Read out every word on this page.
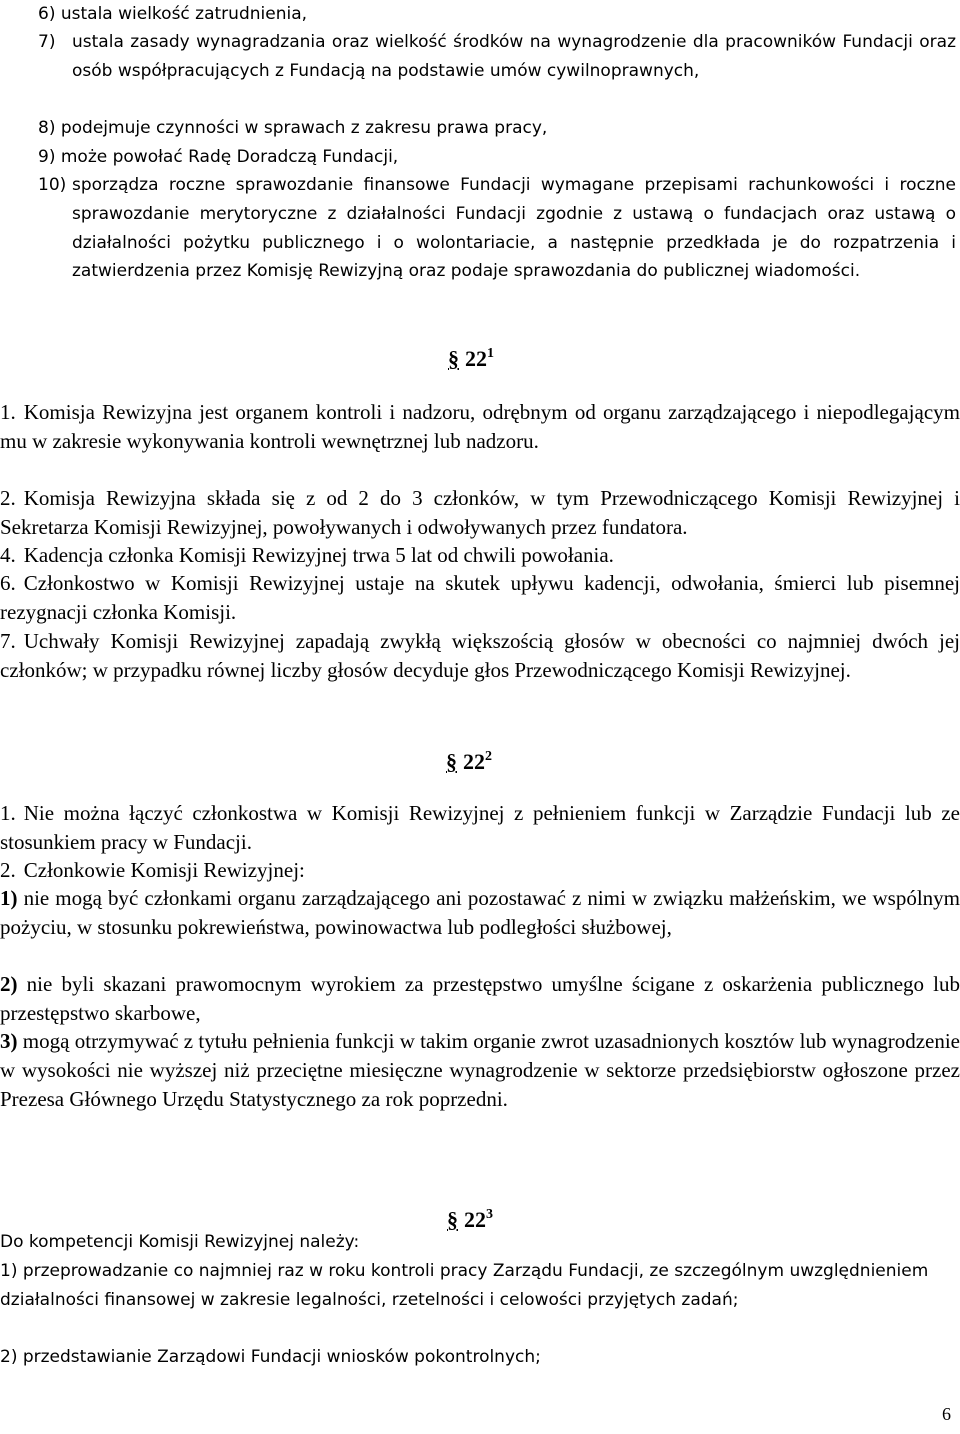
6) ustala wielkość zatrudnienia,

7) ustala zasady wynagradzania oraz wielkość środków na wynagrodzenie dla pracowników Fundacji oraz osób współpracujących z Fundacją na podstawie umów cywilnoprawnych,

8) podejmuje czynności w sprawach z zakresu prawa pracy,

9) może powołać Radę Doradczą Fundacji,

10) sporządza roczne sprawozdanie finansowe Fundacji wymagane przepisami rachunkowości i roczne sprawozdanie merytoryczne z działalności Fundacji zgodnie z ustawą o fundacjach oraz ustawą o działalności pożytku publicznego i o wolontariacie, a następnie przedkłada je do rozpatrzenia i zatwierdzenia przez Komisję Rewizyjną oraz podaje sprawozdania do publicznej wiadomości.

§ $22^1$

1. Komisja Rewizyjna jest organem kontroli i nadzoru, odrębnym od organu zarządzającego i niepodlegającym mu w zakresie wykonywania kontroli wewnętrznej lub nadzoru.

2. Komisja Rewizyjna składa się z od 2 do 3 członków, w tym Przewodniczącego Komisji Rewizyjnej i Sekretarza Komisji Rewizyjnej, powoływanych i odwoływanych przez fundatora.

4. Kadencja członka Komisji Rewizyjnej trwa 5 lat od chwili powołania.

6. Członkostwo w Komisji Rewizyjnej ustaje na skutek upływu kadencji, odwołania, śmierci lub pisemnej rezygnacji członka Komisji.

7. Uchwały Komisji Rewizyjnej zapadają zwykłą większością głosów w obecności co najmniej dwóch jej członków; w przypadku równej liczby głosów decyduje głos Przewodniczącego Komisji Rewizyjnej.

§ $22^2$

1. Nie można łączyć członkostwa w Komisji Rewizyjnej z pełnieniem funkcji w Zarządzie Fundacji lub ze stosunkiem pracy w Fundacji.

2. Członkowie Komisji Rewizyjnej:

1) nie mogą być członkami organu zarządzającego ani pozostawać z nimi w związku małżeńskim, we wspólnym pożyciu, w stosunku pokrewieństwa, powinowactwa lub podległości służbowej,

2) nie byli skazani prawomocnym wyrokiem za przestępstwo umyślne ścigane z oskarżenia publicznego lub przestępstwo skarbowe,

3) mogą otrzymywać z tytułu pełnienia funkcji w takim organie zwrot uzasadnionych kosztów lub wynagrodzenie w wysokości nie wyższej niż przeciętne miesięczne wynagrodzenie w sektorze przedsiębiorstw ogłoszone przez Prezesa Głównego Urzędu Statystycznego za rok poprzedni.

§ $22^3$

Do kompetencji Komisji Rewizyjnej należy:

1) przeprowadzanie co najmniej raz w roku kontroli pracy Zarządu Fundacji, ze szczególnym uwzględnieniem działalności finansowej w zakresie legalności, rzetelności i celowości przyjętych zadań;

2) przedstawianie Zarządowi Fundacji wniosków pokontrolnych;

6
